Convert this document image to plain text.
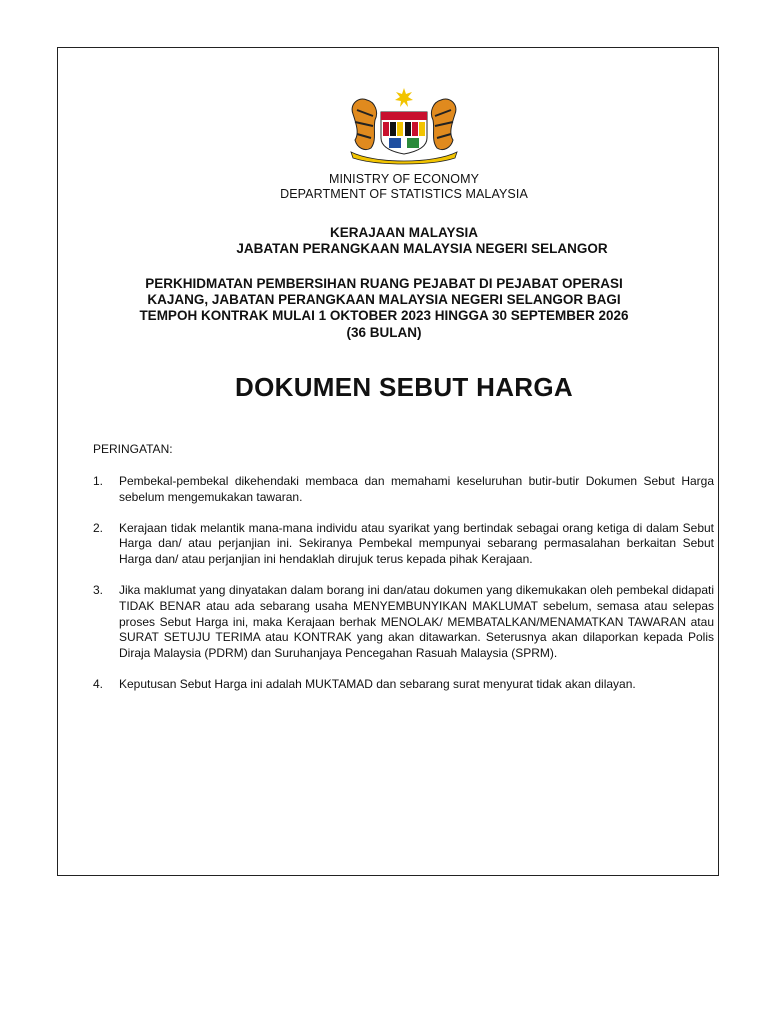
MINISTRY OF ECONOMY
DEPARTMENT OF STATISTICS MALAYSIA
KERAJAAN MALAYSIA
JABATAN PERANGKAAN MALAYSIA NEGERI SELANGOR
PERKHIDMATAN PEMBERSIHAN RUANG PEJABAT DI PEJABAT OPERASI
KAJANG, JABATAN PERANGKAAN MALAYSIA NEGERI SELANGOR BAGI
TEMPOH KONTRAK MULAI 1 OKTOBER 2023 HINGGA 30 SEPTEMBER 2026
(36 BULAN)
DOKUMEN SEBUT HARGA
PERINGATAN:
1.	Pembekal-pembekal dikehendaki membaca dan memahami keseluruhan butir-butir Dokumen Sebut Harga sebelum mengemukakan tawaran.
2.	Kerajaan tidak melantik mana-mana individu atau syarikat yang bertindak sebagai orang ketiga di dalam Sebut Harga dan/ atau perjanjian ini. Sekiranya Pembekal mempunyai sebarang permasalahan berkaitan Sebut Harga dan/ atau perjanjian ini hendaklah dirujuk terus kepada pihak Kerajaan.
3.	Jika maklumat yang dinyatakan dalam borang ini dan/atau dokumen yang dikemukakan oleh pembekal didapati TIDAK BENAR atau ada sebarang usaha MENYEMBUNYIKAN MAKLUMAT sebelum, semasa atau selepas proses Sebut Harga ini, maka Kerajaan berhak MENOLAK/ MEMBATALKAN/MENAMATKAN TAWARAN atau SURAT SETUJU TERIMA atau KONTRAK yang akan ditawarkan. Seterusnya akan dilaporkan kepada Polis Diraja Malaysia (PDRM) dan Suruhanjaya Pencegahan Rasuah Malaysia (SPRM).
4.	Keputusan Sebut Harga ini adalah MUKTAMAD dan sebarang surat menyurat tidak akan dilayan.
